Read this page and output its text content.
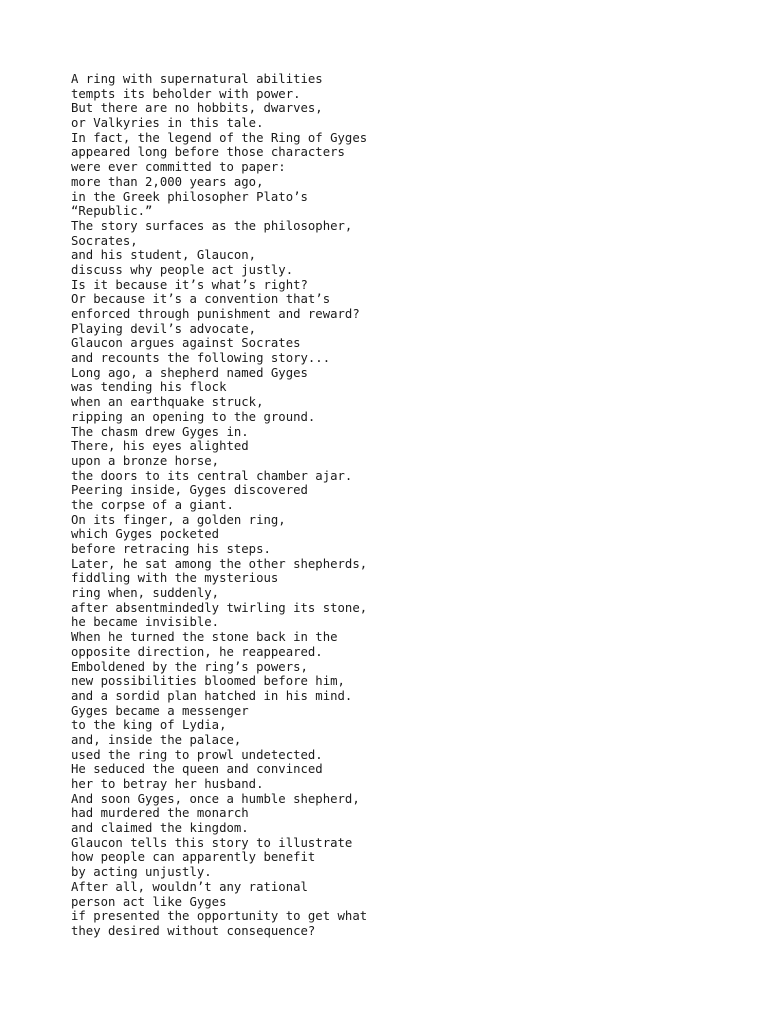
A ring with supernatural abilities
tempts its beholder with power.
But there are no hobbits, dwarves,
or Valkyries in this tale.
In fact, the legend of the Ring of Gyges
appeared long before those characters
were ever committed to paper:
more than 2,000 years ago,
in the Greek philosopher Plato’s
“Republic.”
The story surfaces as the philosopher,
Socrates,
and his student, Glaucon,
discuss why people act justly.
Is it because it’s what’s right?
Or because it’s a convention that’s
enforced through punishment and reward?
Playing devil’s advocate,
Glaucon argues against Socrates
and recounts the following story...
Long ago, a shepherd named Gyges
was tending his flock
when an earthquake struck,
ripping an opening to the ground.
The chasm drew Gyges in.
There, his eyes alighted
upon a bronze horse,
the doors to its central chamber ajar.
Peering inside, Gyges discovered
the corpse of a giant.
On its finger, a golden ring,
which Gyges pocketed
before retracing his steps.
Later, he sat among the other shepherds,
fiddling with the mysterious
ring when, suddenly,
after absentmindedly twirling its stone,
he became invisible.
When he turned the stone back in the
opposite direction, he reappeared.
Emboldened by the ring’s powers,
new possibilities bloomed before him,
and a sordid plan hatched in his mind.
Gyges became a messenger
to the king of Lydia,
and, inside the palace,
used the ring to prowl undetected.
He seduced the queen and convinced
her to betray her husband.
And soon Gyges, once a humble shepherd,
had murdered the monarch
and claimed the kingdom.
Glaucon tells this story to illustrate
how people can apparently benefit
by acting unjustly.
After all, wouldn’t any rational
person act like Gyges
if presented the opportunity to get what
they desired without consequence?
